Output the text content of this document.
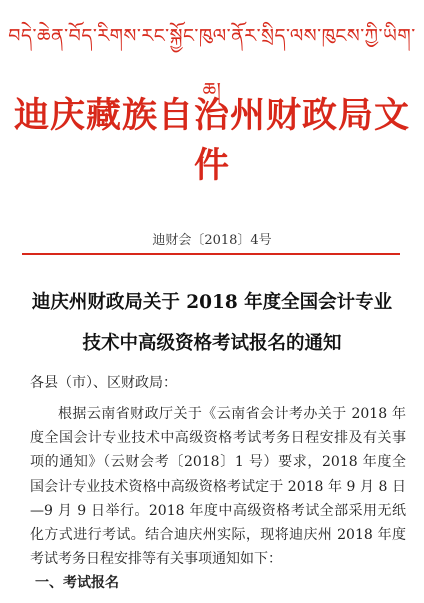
བདེ་ཆེན་བོད་རིགས་རང་སྐྱོང་ཁུལ་ནོར་སྲིད་ལས་ཁུངས་ཀྱི་ཡིག་ཆ།
迪庆藏族自治州财政局文件
迪财会〔2018〕4号
迪庆州财政局关于 2018 年度全国会计专业
技术中高级资格考试报名的通知
各县（市）、区财政局：
根据云南省财政厅关于《云南省会计考办关于 2018 年度全国会计专业技术中高级资格考试考务日程安排及有关事项的通知》（云财会考〔2018〕1 号）要求，2018 年度全国会计专业技术资格中高级资格考试定于 2018 年 9 月 8 日—9 月 9 日举行。2018 年度中高级资格考试全部采用无纸化方式进行考试。结合迪庆州实际，现将迪庆州 2018 年度考试考务日程安排等有关事项通知如下：
一、考试报名
